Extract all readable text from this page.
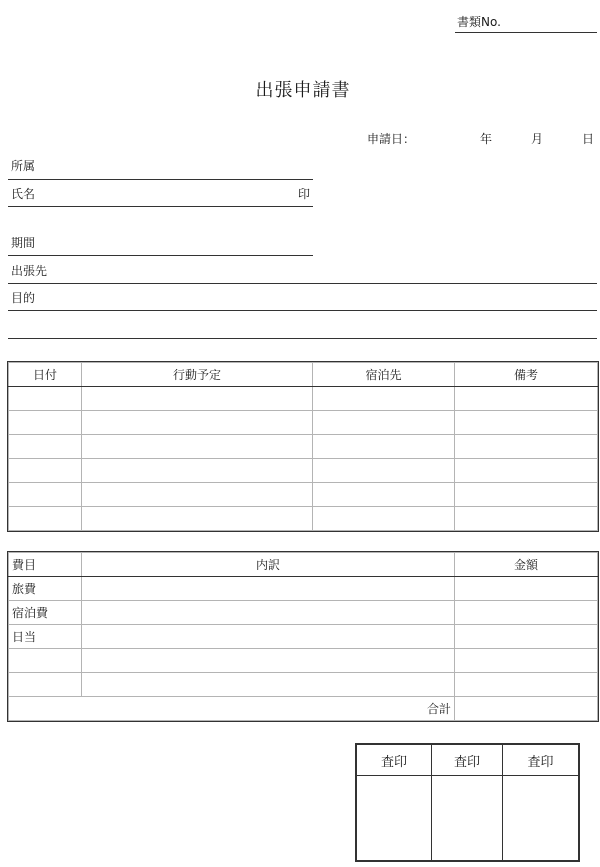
書類No.
出張申請書
申請日：	年	月	日
所属
氏名	印
期間
出張先
目的
日付	行動予定	宿泊先	備考

費目	内訳	金額
旅費		
宿泊費		
日当		

合計		
査印	査印	査印
